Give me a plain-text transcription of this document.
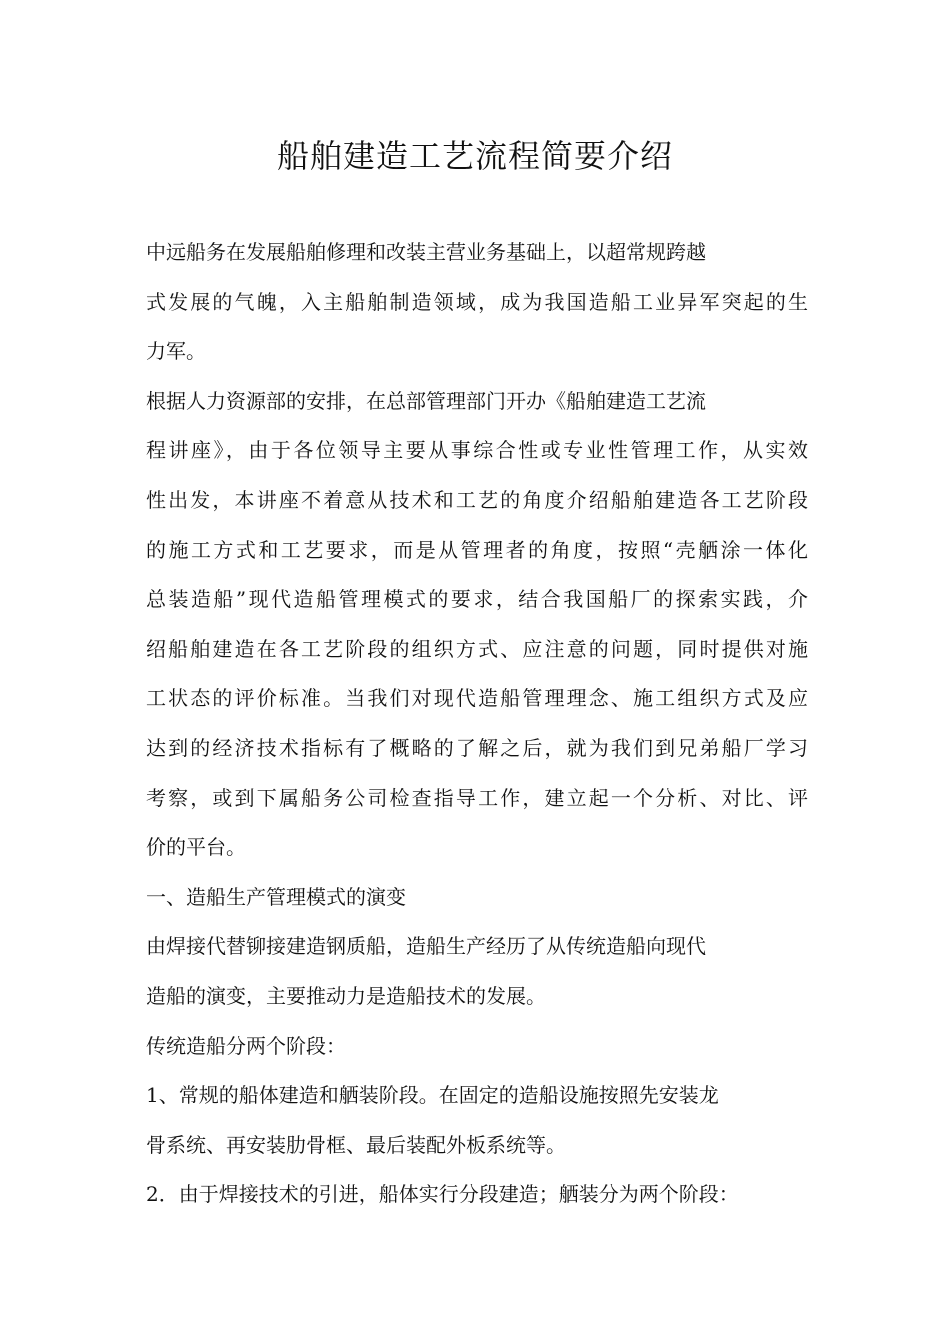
船舶建造工艺流程简要介绍
中远船务在发展船舶修理和改装主营业务基础上，以超常规跨越
式发展的气魄，入主船舶制造领域，成为我国造船工业异军突起的生
力军。
根据人力资源部的安排，在总部管理部门开办《船舶建造工艺流
程讲座》，由于各位领导主要从事综合性或专业性管理工作，从实效
性出发，本讲座不着意从技术和工艺的角度介绍船舶建造各工艺阶段
的施工方式和工艺要求，而是从管理者的角度，按照“壳舾涂一体化
总装造船”现代造船管理模式的要求，结合我国船厂的探索实践，介
绍船舶建造在各工艺阶段的组织方式、应注意的问题，同时提供对施
工状态的评价标准。当我们对现代造船管理理念、施工组织方式及应
达到的经济技术指标有了概略的了解之后，就为我们到兄弟船厂学习
考察，或到下属船务公司检查指导工作，建立起一个分析、对比、评
价的平台。
一、造船生产管理模式的演变
由焊接代替铆接建造钢质船，造船生产经历了从传统造船向现代
造船的演变，主要推动力是造船技术的发展。
传统造船分两个阶段：
1、常规的船体建造和舾装阶段。在固定的造船设施按照先安装龙
骨系统、再安装肋骨框、最后装配外板系统等。
2．由于焊接技术的引进，船体实行分段建造；舾装分为两个阶段：
